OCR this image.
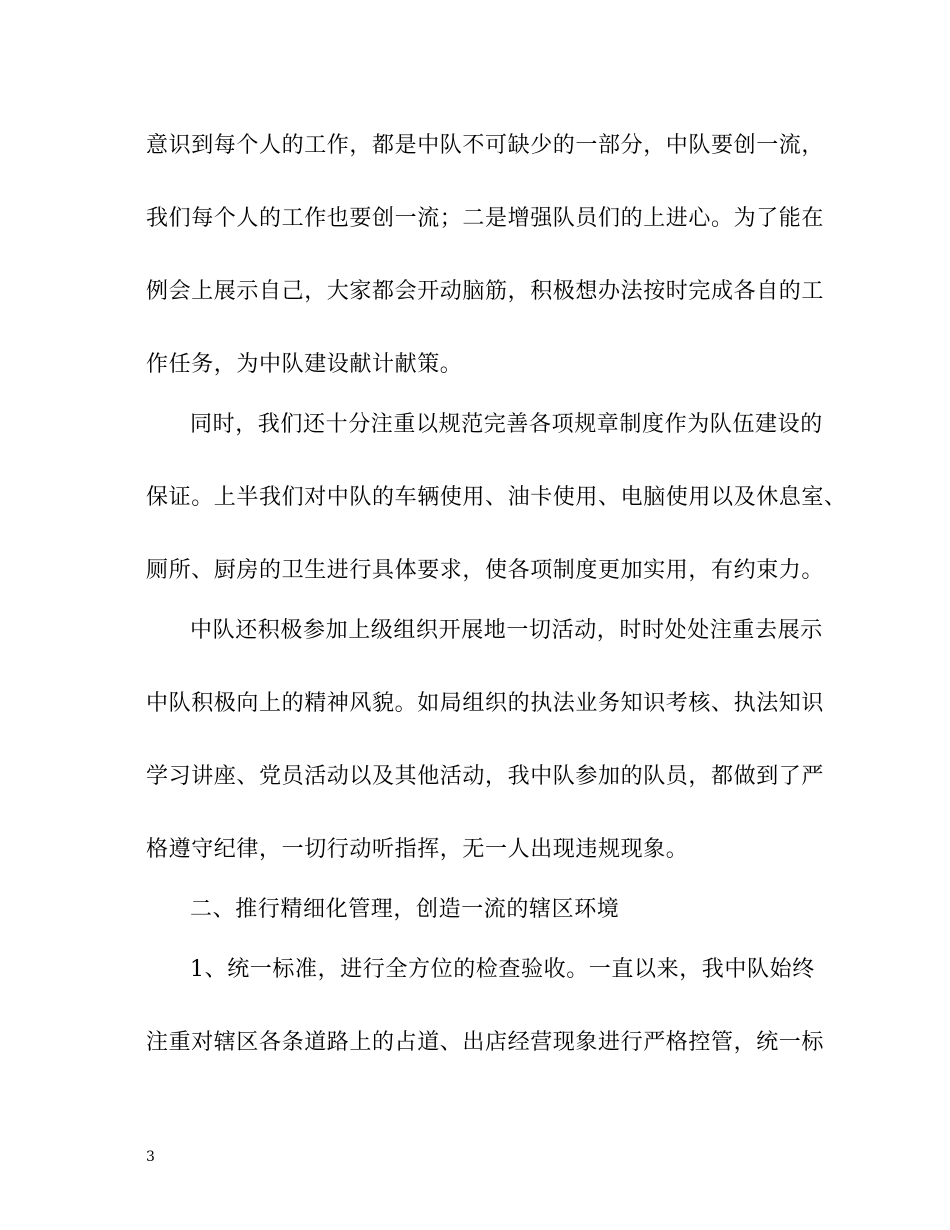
意识到每个人的工作，都是中队不可缺少的一部分，中队要创一流，
我们每个人的工作也要创一流；二是增强队员们的上进心。为了能在
例会上展示自己，大家都会开动脑筋，积极想办法按时完成各自的工
作任务，为中队建设献计献策。
同时，我们还十分注重以规范完善各项规章制度作为队伍建设的
保证。上半我们对中队的车辆使用、油卡使用、电脑使用以及休息室、
厕所、厨房的卫生进行具体要求，使各项制度更加实用，有约束力。
中队还积极参加上级组织开展地一切活动，时时处处注重去展示
中队积极向上的精神风貌。如局组织的执法业务知识考核、执法知识
学习讲座、党员活动以及其他活动，我中队参加的队员，都做到了严
格遵守纪律，一切行动听指挥，无一人出现违规现象。
二、推行精细化管理，创造一流的辖区环境
1、统一标准，进行全方位的检查验收。一直以来，我中队始终
注重对辖区各条道路上的占道、出店经营现象进行严格控管，统一标
3
